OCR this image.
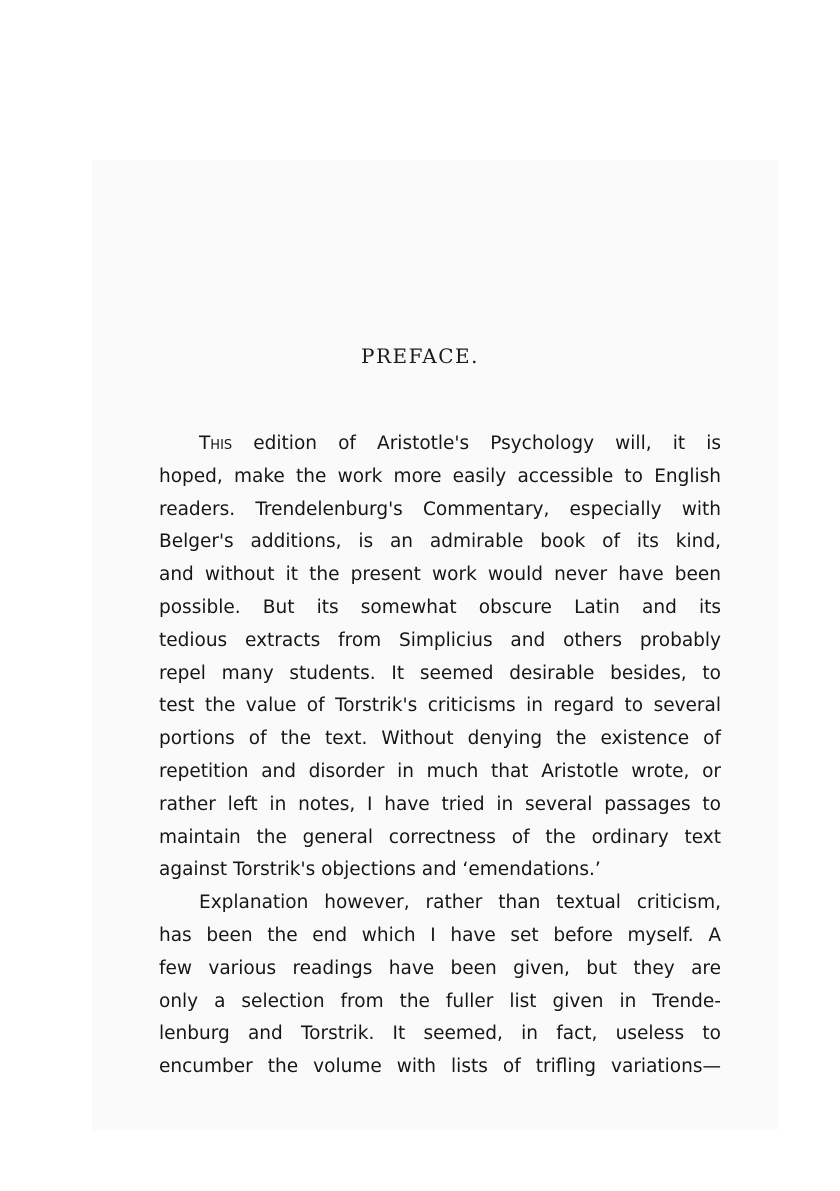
PREFACE.
This edition of Aristotle's Psychology will, it is
hoped, make the work more easily accessible to English
readers. Trendelenburg's Commentary, especially with
Belger's additions, is an admirable book of its kind,
and without it the present work would never have been
possible. But its somewhat obscure Latin and its
tedious extracts from Simplicius and others probably
repel many students. It seemed desirable besides, to
test the value of Torstrik's criticisms in regard to several
portions of the text. Without denying the existence of
repetition and disorder in much that Aristotle wrote, or
rather left in notes, I have tried in several passages to
maintain the general correctness of the ordinary text
against Torstrik's objections and ‘emendations.’
Explanation however, rather than textual criticism,
has been the end which I have set before myself. A
few various readings have been given, but they are
only a selection from the fuller list given in Trende-
lenburg and Torstrik. It seemed, in fact, useless to
encumber the volume with lists of trifling variations—
